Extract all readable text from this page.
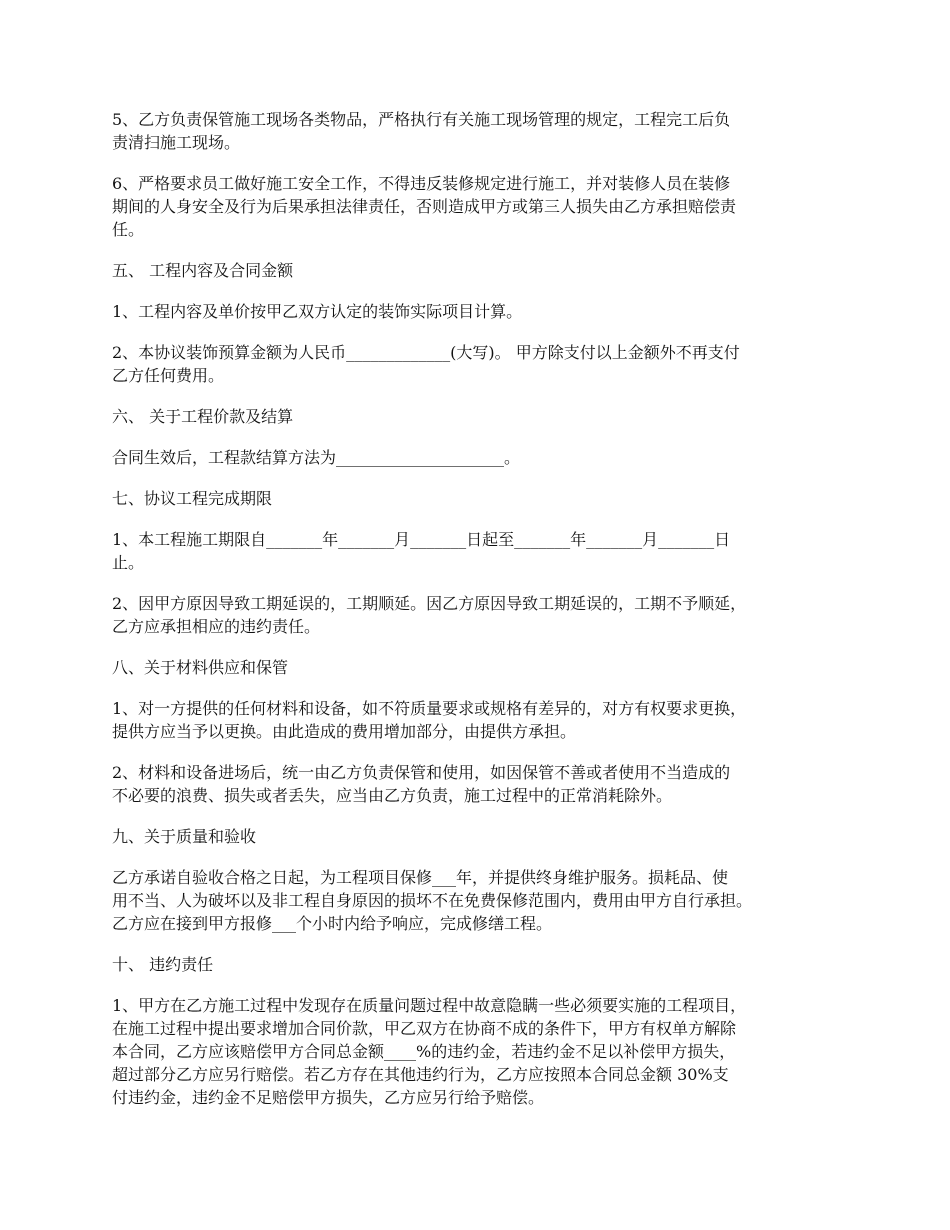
5、乙方负责保管施工现场各类物品，严格执行有关施工现场管理的规定，工程完工后负
责清扫施工现场。

6、严格要求员工做好施工安全工作，不得违反装修规定进行施工，并对装修人员在装修
期间的人身安全及行为后果承担法律责任，否则造成甲方或第三人损失由乙方承担赔偿责
任。

五、 工程内容及合同金额

1、工程内容及单价按甲乙双方认定的装饰实际项目计算。

2、本协议装饰预算金额为人民币_____________(大写)。 甲方除支付以上金额外不再支付
乙方任何费用。

六、 关于工程价款及结算

合同生效后，工程款结算方法为_____________________。

七、协议工程完成期限

1、本工程施工期限自_______年_______月_______日起至_______年_______月_______日
止。

2、因甲方原因导致工期延误的，工期顺延。因乙方原因导致工期延误的，工期不予顺延，
乙方应承担相应的违约责任。

八、关于材料供应和保管

1、对一方提供的任何材料和设备，如不符质量要求或规格有差异的，对方有权要求更换，
提供方应当予以更换。由此造成的费用增加部分，由提供方承担。

2、材料和设备进场后，统一由乙方负责保管和使用，如因保管不善或者使用不当造成的
不必要的浪费、损失或者丢失，应当由乙方负责，施工过程中的正常消耗除外。

九、关于质量和验收

乙方承诺自验收合格之日起，为工程项目保修___年，并提供终身维护服务。损耗品、使
用不当、人为破坏以及非工程自身原因的损坏不在免费保修范围内，费用由甲方自行承担。
乙方应在接到甲方报修___个小时内给予响应，完成修缮工程。

十、 违约责任

1、甲方在乙方施工过程中发现存在质量问题过程中故意隐瞒一些必须要实施的工程项目，
在施工过程中提出要求增加合同价款，甲乙双方在协商不成的条件下，甲方有权单方解除
本合同，乙方应该赔偿甲方合同总金额____%的违约金，若违约金不足以补偿甲方损失，
超过部分乙方应另行赔偿。若乙方存在其他违约行为，乙方应按照本合同总金额 30%支
付违约金，违约金不足赔偿甲方损失，乙方应另行给予赔偿。
